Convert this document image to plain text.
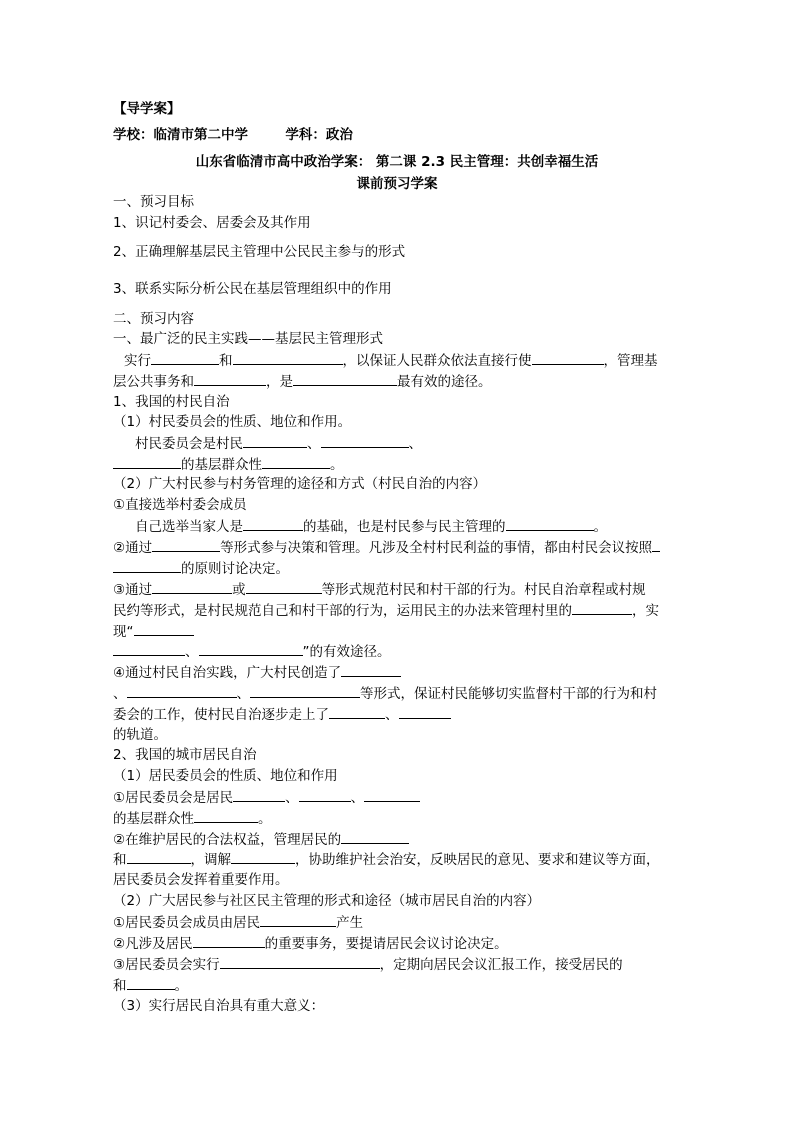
【导学案】
学校：临清市第二中学	学科：政治
山东省临清市高中政治学案： 第二课 2.3 民主管理：共创幸福生活
课前预习学案
一、预习目标
1、识记村委会、居委会及其作用
2、正确理解基层民主管理中公民民主参与的形式
3、联系实际分析公民在基层管理组织中的作用
二、预习内容
一、最广泛的民主实践——基层民主管理形式
实行	和	，以保证人民群众依法直接行使	，管理基
层公共事务和	，是	最有效的途径。
1、我国的村民自治
（1）村民委员会的性质、地位和作用。
村民委员会是村民	、	、
的基层群众性	。
（2）广大村民参与村务管理的途径和方式（村民自治的内容）
①直接选举村委会成员
自己选举当家人是	的基础，也是村民参与民主管理的	。
②通过	等形式参与决策和管理。凡涉及全村村民利益的事情，都由村民会议按照
的原则讨论决定。
③通过	或	等形式规范村民和村干部的行为。村民自治章程或村规
民约等形式，是村民规范自己和村干部的行为，运用民主的办法来管理村里的	，实
现“
、	”的有效途径。
④通过村民自治实践，广大村民创造了
、	、	等形式，保证村民能够切实监督村干部的行为和村
委会的工作，使村民自治逐步走上了	、
的轨道。
2、我国的城市居民自治
（1）居民委员会的性质、地位和作用
①居民委员会是居民	、	、
的基层群众性	。
②在维护居民的合法权益，管理居民的
和	，调解	，协助维护社会治安，反映居民的意见、要求和建议等方面，
居民委员会发挥着重要作用。
（2）广大居民参与社区民主管理的形式和途径（城市居民自治的内容）
①居民委员会成员由居民	产生
②凡涉及居民	的重要事务，要提请居民会议讨论决定。
③居民委员会实行	，定期向居民会议汇报工作，接受居民的
和	。
（3）实行居民自治具有重大意义：
